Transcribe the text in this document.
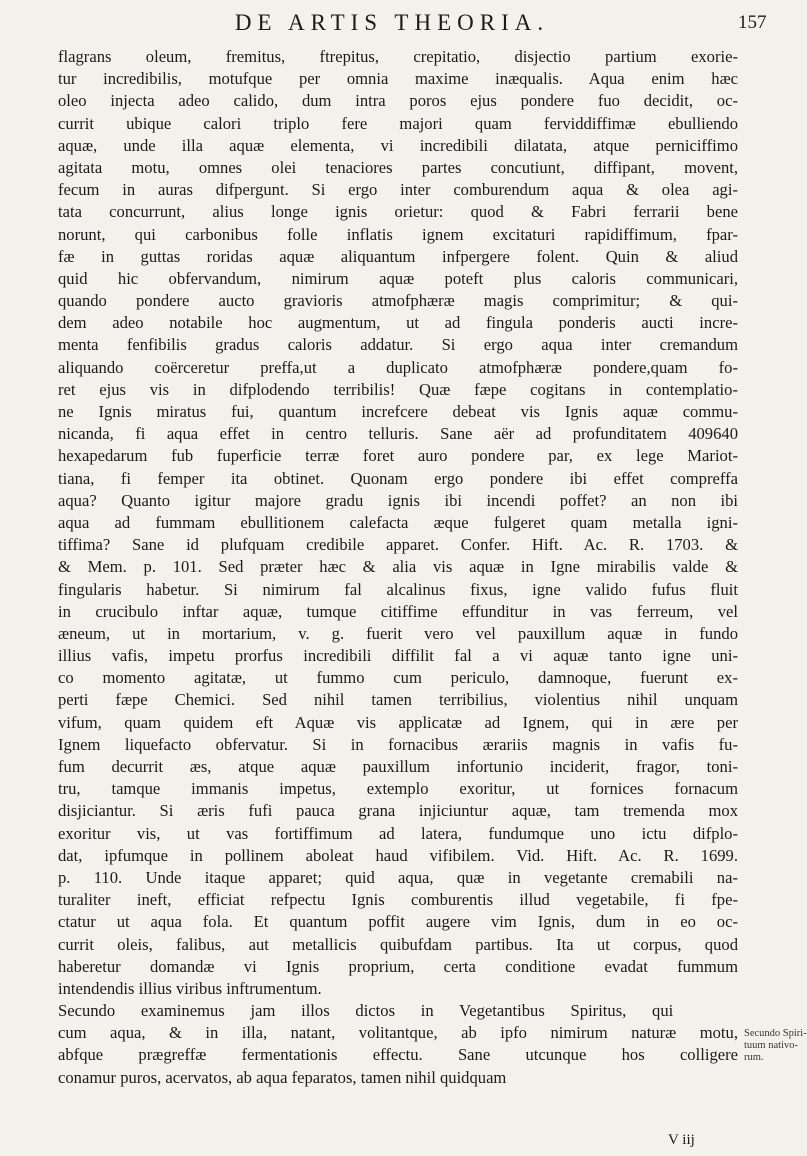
DE ARTIS THEORIA.	157
flagrans oleum, fremitus, ftrepitus, crepitatio, disjectio partium exorie-
tur incredibilis, motufque per omnia maxime inæqualis. Aqua enim hæc
oleo injecta adeo calido, dum intra poros ejus pondere fuo decidit, oc-
currit ubique calori triplo fere majori quam ferviddiffimæ ebulliendo
aquæ, unde illa aquæ elementa, vi incredibili dilatata, atque perniciffimo
agitata motu, omnes olei tenaciores partes concutiunt, diffipant, movent,
fecum in auras difpergunt. Si ergo inter comburendum aqua & olea agi-
tata concurrunt, alius longe ignis orietur: quod & Fabri ferrarii bene
norunt, qui carbonibus folle inflatis ignem excitaturi rapidiffimum, fpar-
fæ in guttas roridas aquæ aliquantum infpergere folent. Quin & aliud
quid hic obfervandum, nimirum aquæ poteft plus caloris communicari,
quando pondere aucto gravioris atmofphæræ magis comprimitur; & qui-
dem adeo notabile hoc augmentum, ut ad fingula ponderis aucti incre-
menta fenfibilis gradus caloris addatur. Si ergo aqua inter cremandum
aliquando coërceretur preffa,ut a duplicato atmofphæræ pondere,quam fo-
ret ejus vis in difplodendo terribilis! Quæ fæpe cogitans in contemplatio-
ne Ignis miratus fui, quantum increfcere debeat vis Ignis aquæ commu-
nicanda, fi aqua effet in centro telluris. Sane aër ad profunditatem 409640
hexapedarum fub fuperficie terræ foret auro pondere par, ex lege Mariot-
tiana, fi femper ita obtinet. Quonam ergo pondere ibi effet compreffa
aqua? Quanto igitur majore gradu ignis ibi incendi poffet? an non ibi
aqua ad fummam ebullitionem calefacta æque fulgeret quam metalla igni-
tiffima? Sane id plufquam credibile apparet. Confer. Hift. Ac. R. 1703. &
& Mem. p. 101. Sed præter hæc & alia vis aquæ in Igne mirabilis valde &
fingularis habetur. Si nimirum fal alcalinus fixus, igne valido fufus fluit
in crucibulo inftar aquæ, tumque citiffime effunditur in vas ferreum, vel
æneum, ut in mortarium, v. g. fuerit vero vel pauxillum aquæ in fundo
illius vafis, impetu prorfus incredibili diffilit fal a vi aquæ tanto igne uni-
co momento agitatæ, ut fummo cum periculo, damnoque, fuerunt ex-
perti fæpe Chemici. Sed nihil tamen terribilius, violentius nihil unquam
vifum, quam quidem eft Aquæ vis applicatæ ad Ignem, qui in ære per
Ignem liquefacto obfervatur. Si in fornacibus ærariis magnis in vafis fu-
fum decurrit æs, atque aquæ pauxillum infortunio inciderit, fragor, toni-
tru, tamque immanis impetus, extemplo exoritur, ut fornices fornacum
disjiciantur. Si æris fufi pauca grana injiciuntur aquæ, tam tremenda mox
exoritur vis, ut vas fortiffimum ad latera, fundumque uno ictu difplo-
dat, ipfumque in pollinem aboleat haud vifibilem. Vid. Hift. Ac. R. 1699.
p. 110. Unde itaque apparet; quid aqua, quæ in vegetante cremabili na-
turaliter ineft, efficiat refpectu Ignis comburentis illud vegetabile, fi fpe-
ctatur ut aqua fola. Et quantum poffit augere vim Ignis, dum in eo oc-
currit oleis, falibus, aut metallicis quibufdam partibus. Ita ut corpus, quod
haberetur domandæ vi Ignis proprium, certa conditione evadat fummum
intendendis illius viribus inftrumentum.
Secundo examinemus jam illos dictos in Vegetantibus Spiritus, qui
cum aqua, & in illa, natant, volitantque, ab ipfo nimirum naturæ motu,
abfque prægreffæ fermentationis effectu. Sane utcunque hos colligere
conamur puros, acervatos, ab aqua feparatos, tamen nihil quidquam
Secundo Spiri-
tuum nativo-
rum.
V iij
